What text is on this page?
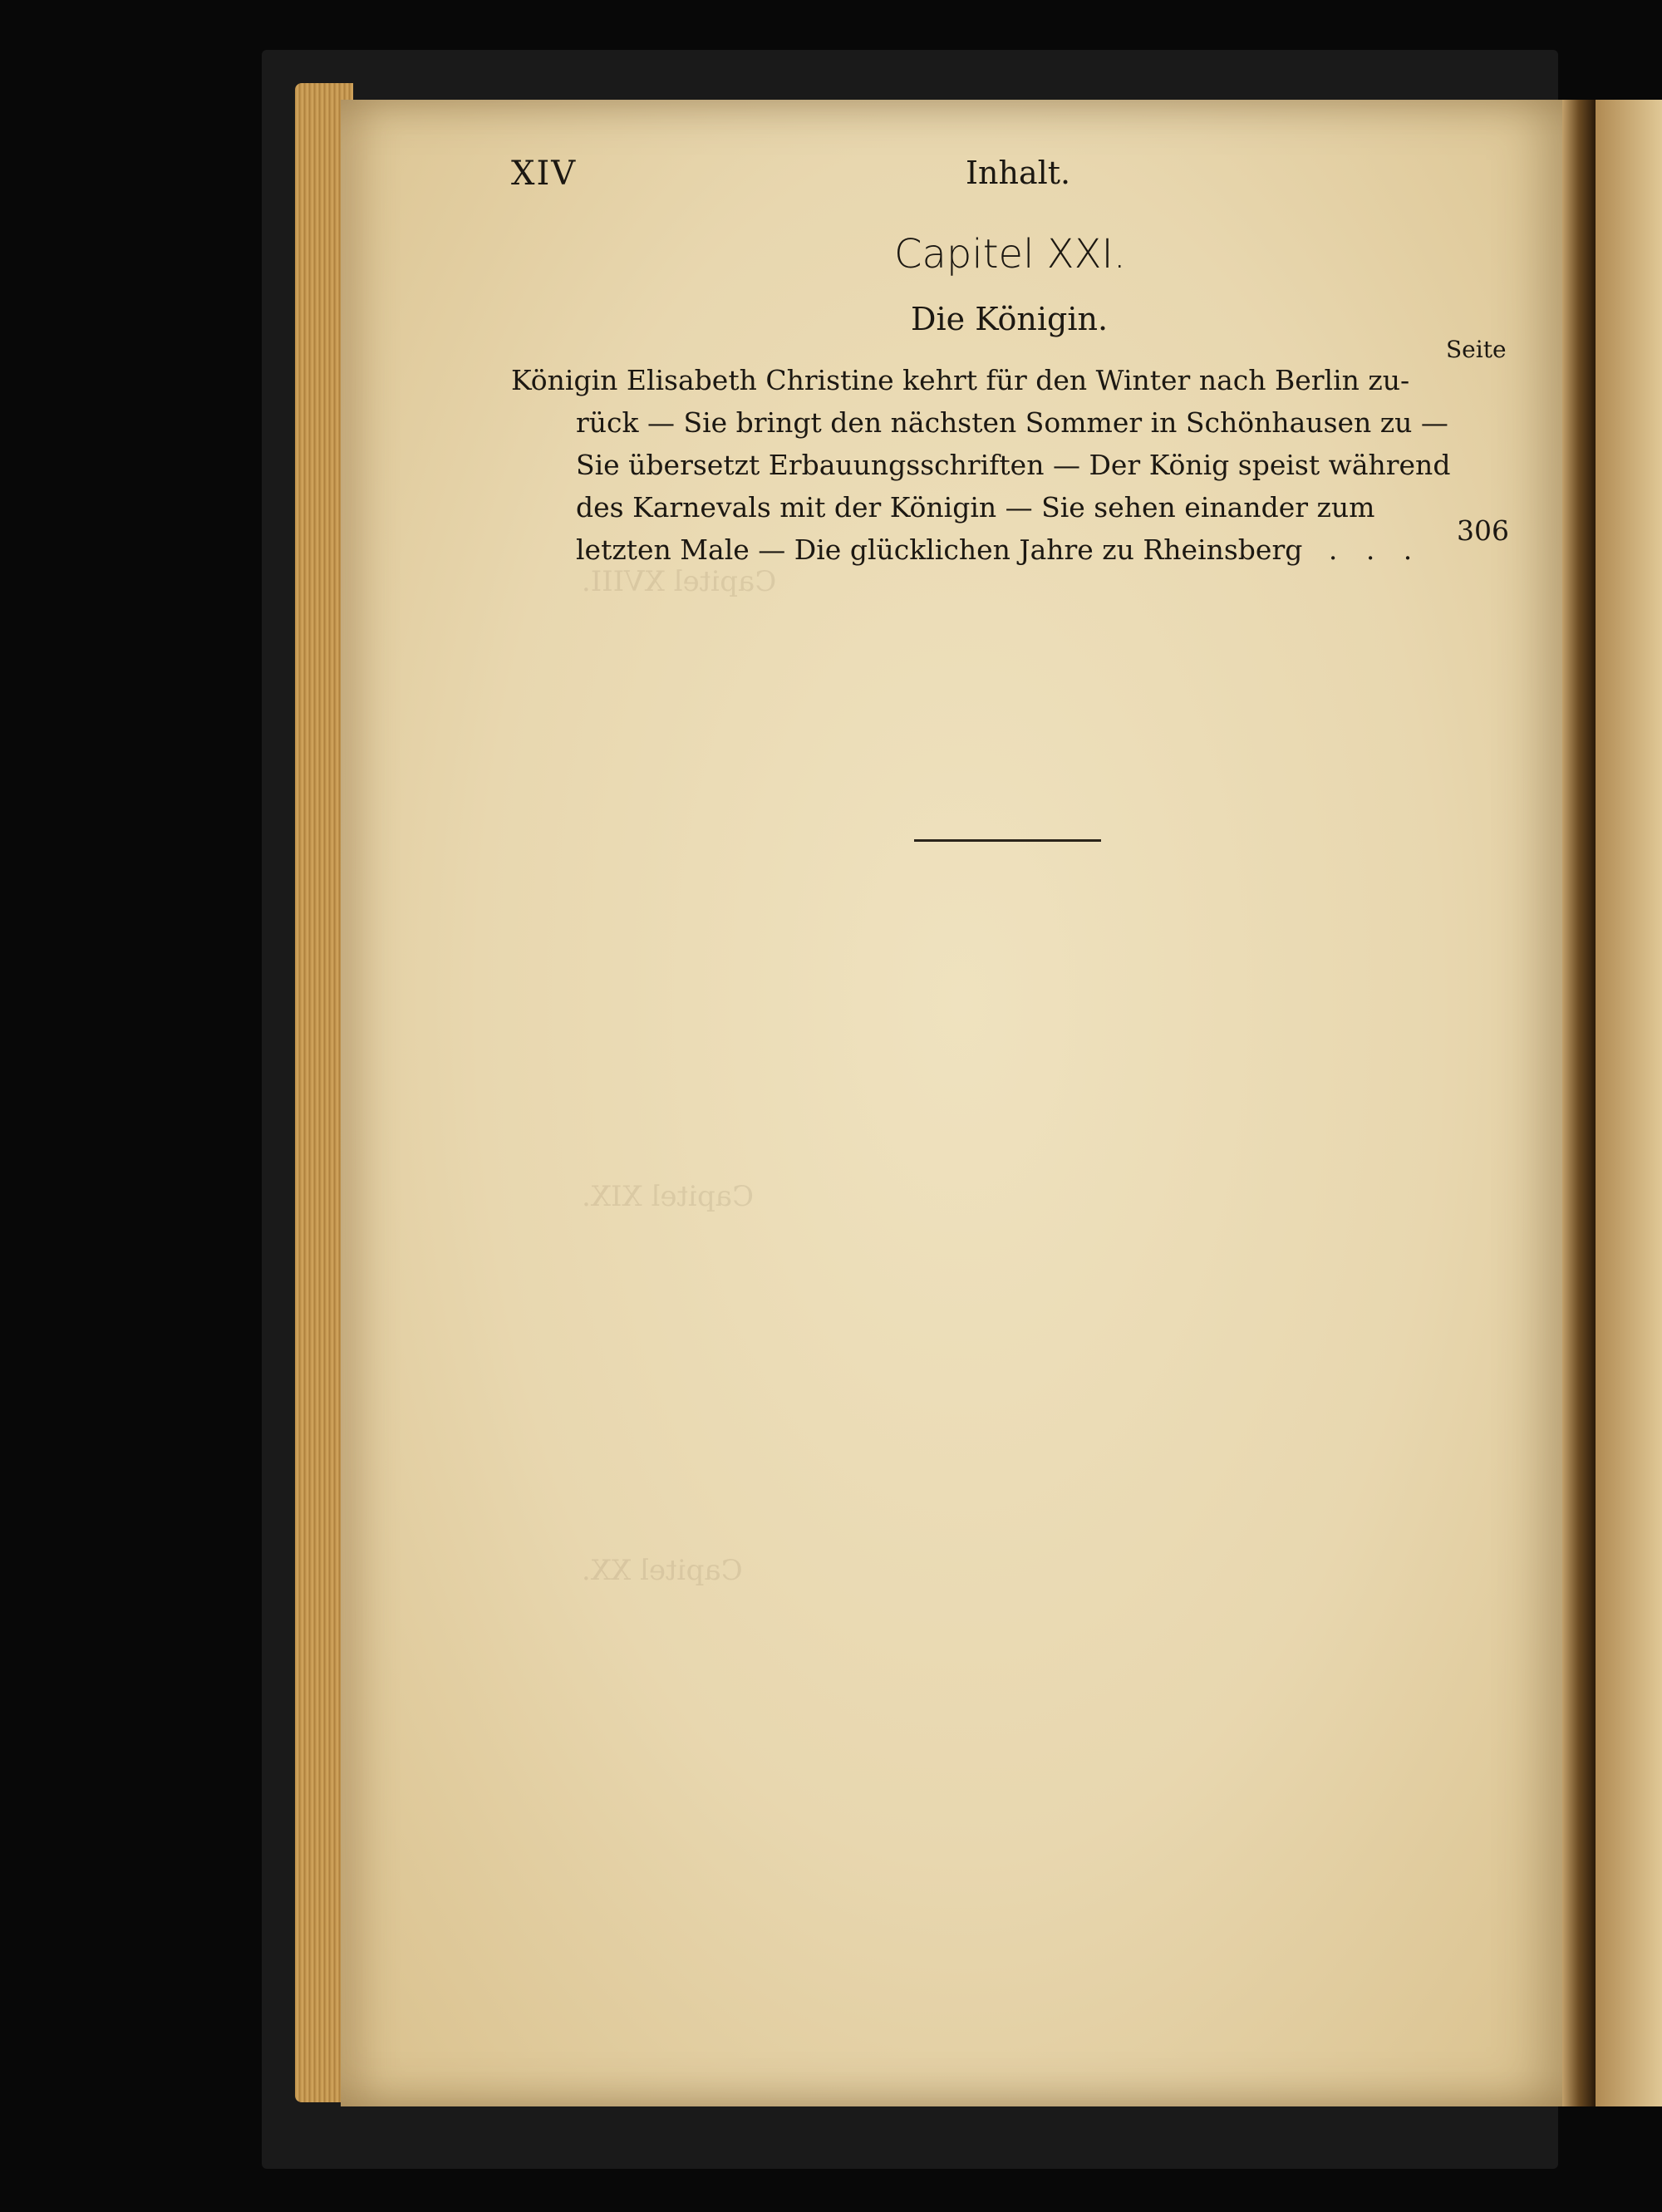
Capitel XVIII.
Capitel XIX.
Capitel XX.
XIV	Inhalt.
Capitel XXI.
Die Königin.
Seite
Königin Elisabeth Christine kehrt für den Winter nach Berlin zu-
rück — Sie bringt den nächsten Sommer in Schönhausen zu —
Sie übersetzt Erbauungsschriften — Der König speist während
des Karnevals mit der Königin — Sie sehen einander zum
letzten Male — Die glücklichen Jahre zu Rheinsberg . . .
306
